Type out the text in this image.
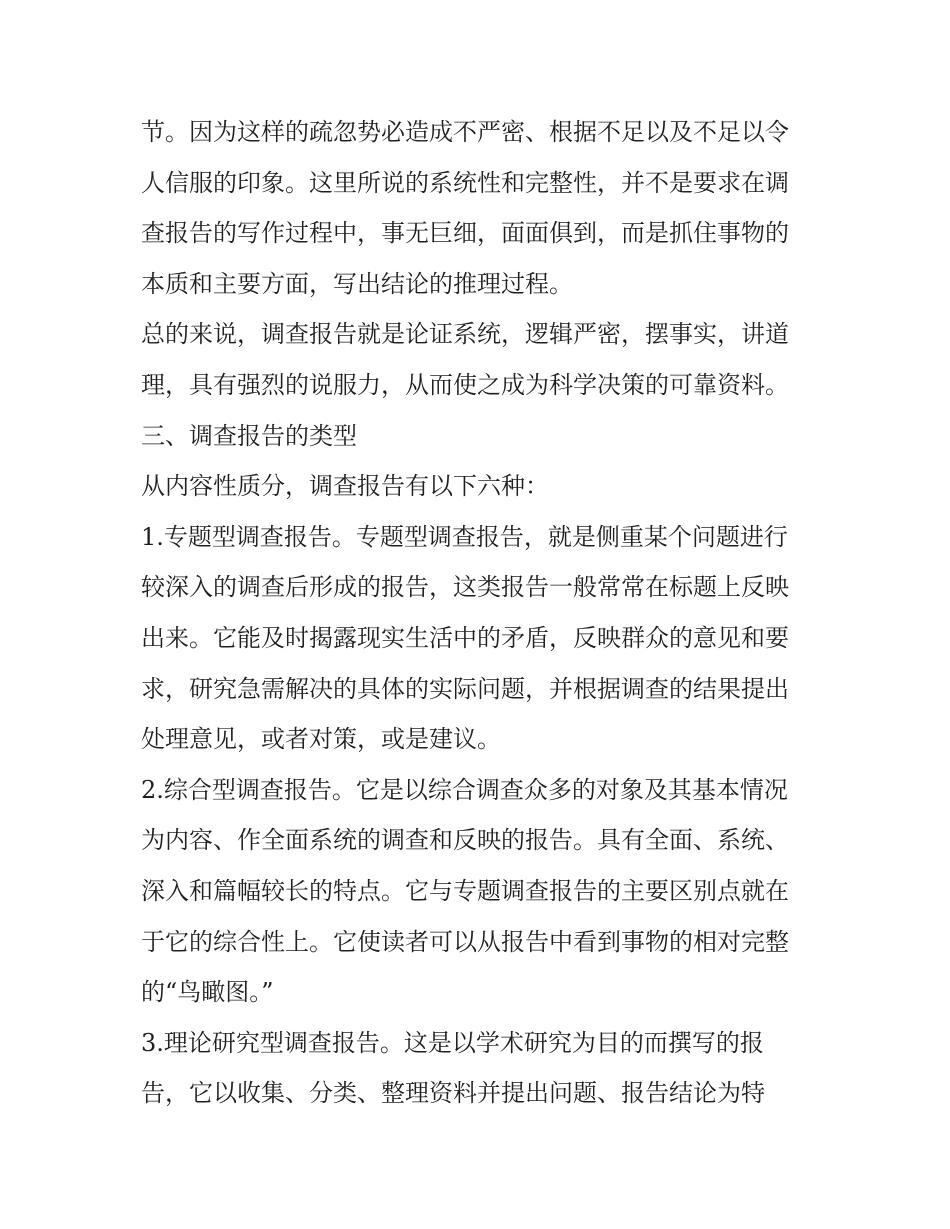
节。因为这样的疏忽势必造成不严密、根据不足以及不足以令
人信服的印象。这里所说的系统性和完整性，并不是要求在调
查报告的写作过程中，事无巨细，面面俱到，而是抓住事物的
本质和主要方面，写出结论的推理过程。
总的来说，调查报告就是论证系统，逻辑严密，摆事实，讲道
理，具有强烈的说服力，从而使之成为科学决策的可靠资料。
三、调查报告的类型
从内容性质分，调查报告有以下六种：
1.专题型调查报告。专题型调查报告，就是侧重某个问题进行
较深入的调查后形成的报告，这类报告一般常常在标题上反映
出来。它能及时揭露现实生活中的矛盾，反映群众的意见和要
求，研究急需解决的具体的实际问题，并根据调查的结果提出
处理意见，或者对策，或是建议。
2.综合型调查报告。它是以综合调查众多的对象及其基本情况
为内容、作全面系统的调查和反映的报告。具有全面、系统、
深入和篇幅较长的特点。它与专题调查报告的主要区别点就在
于它的综合性上。它使读者可以从报告中看到事物的相对完整
的“鸟瞰图。”
3.理论研究型调查报告。这是以学术研究为目的而撰写的报
告，它以收集、分类、整理资料并提出问题、报告结论为特
